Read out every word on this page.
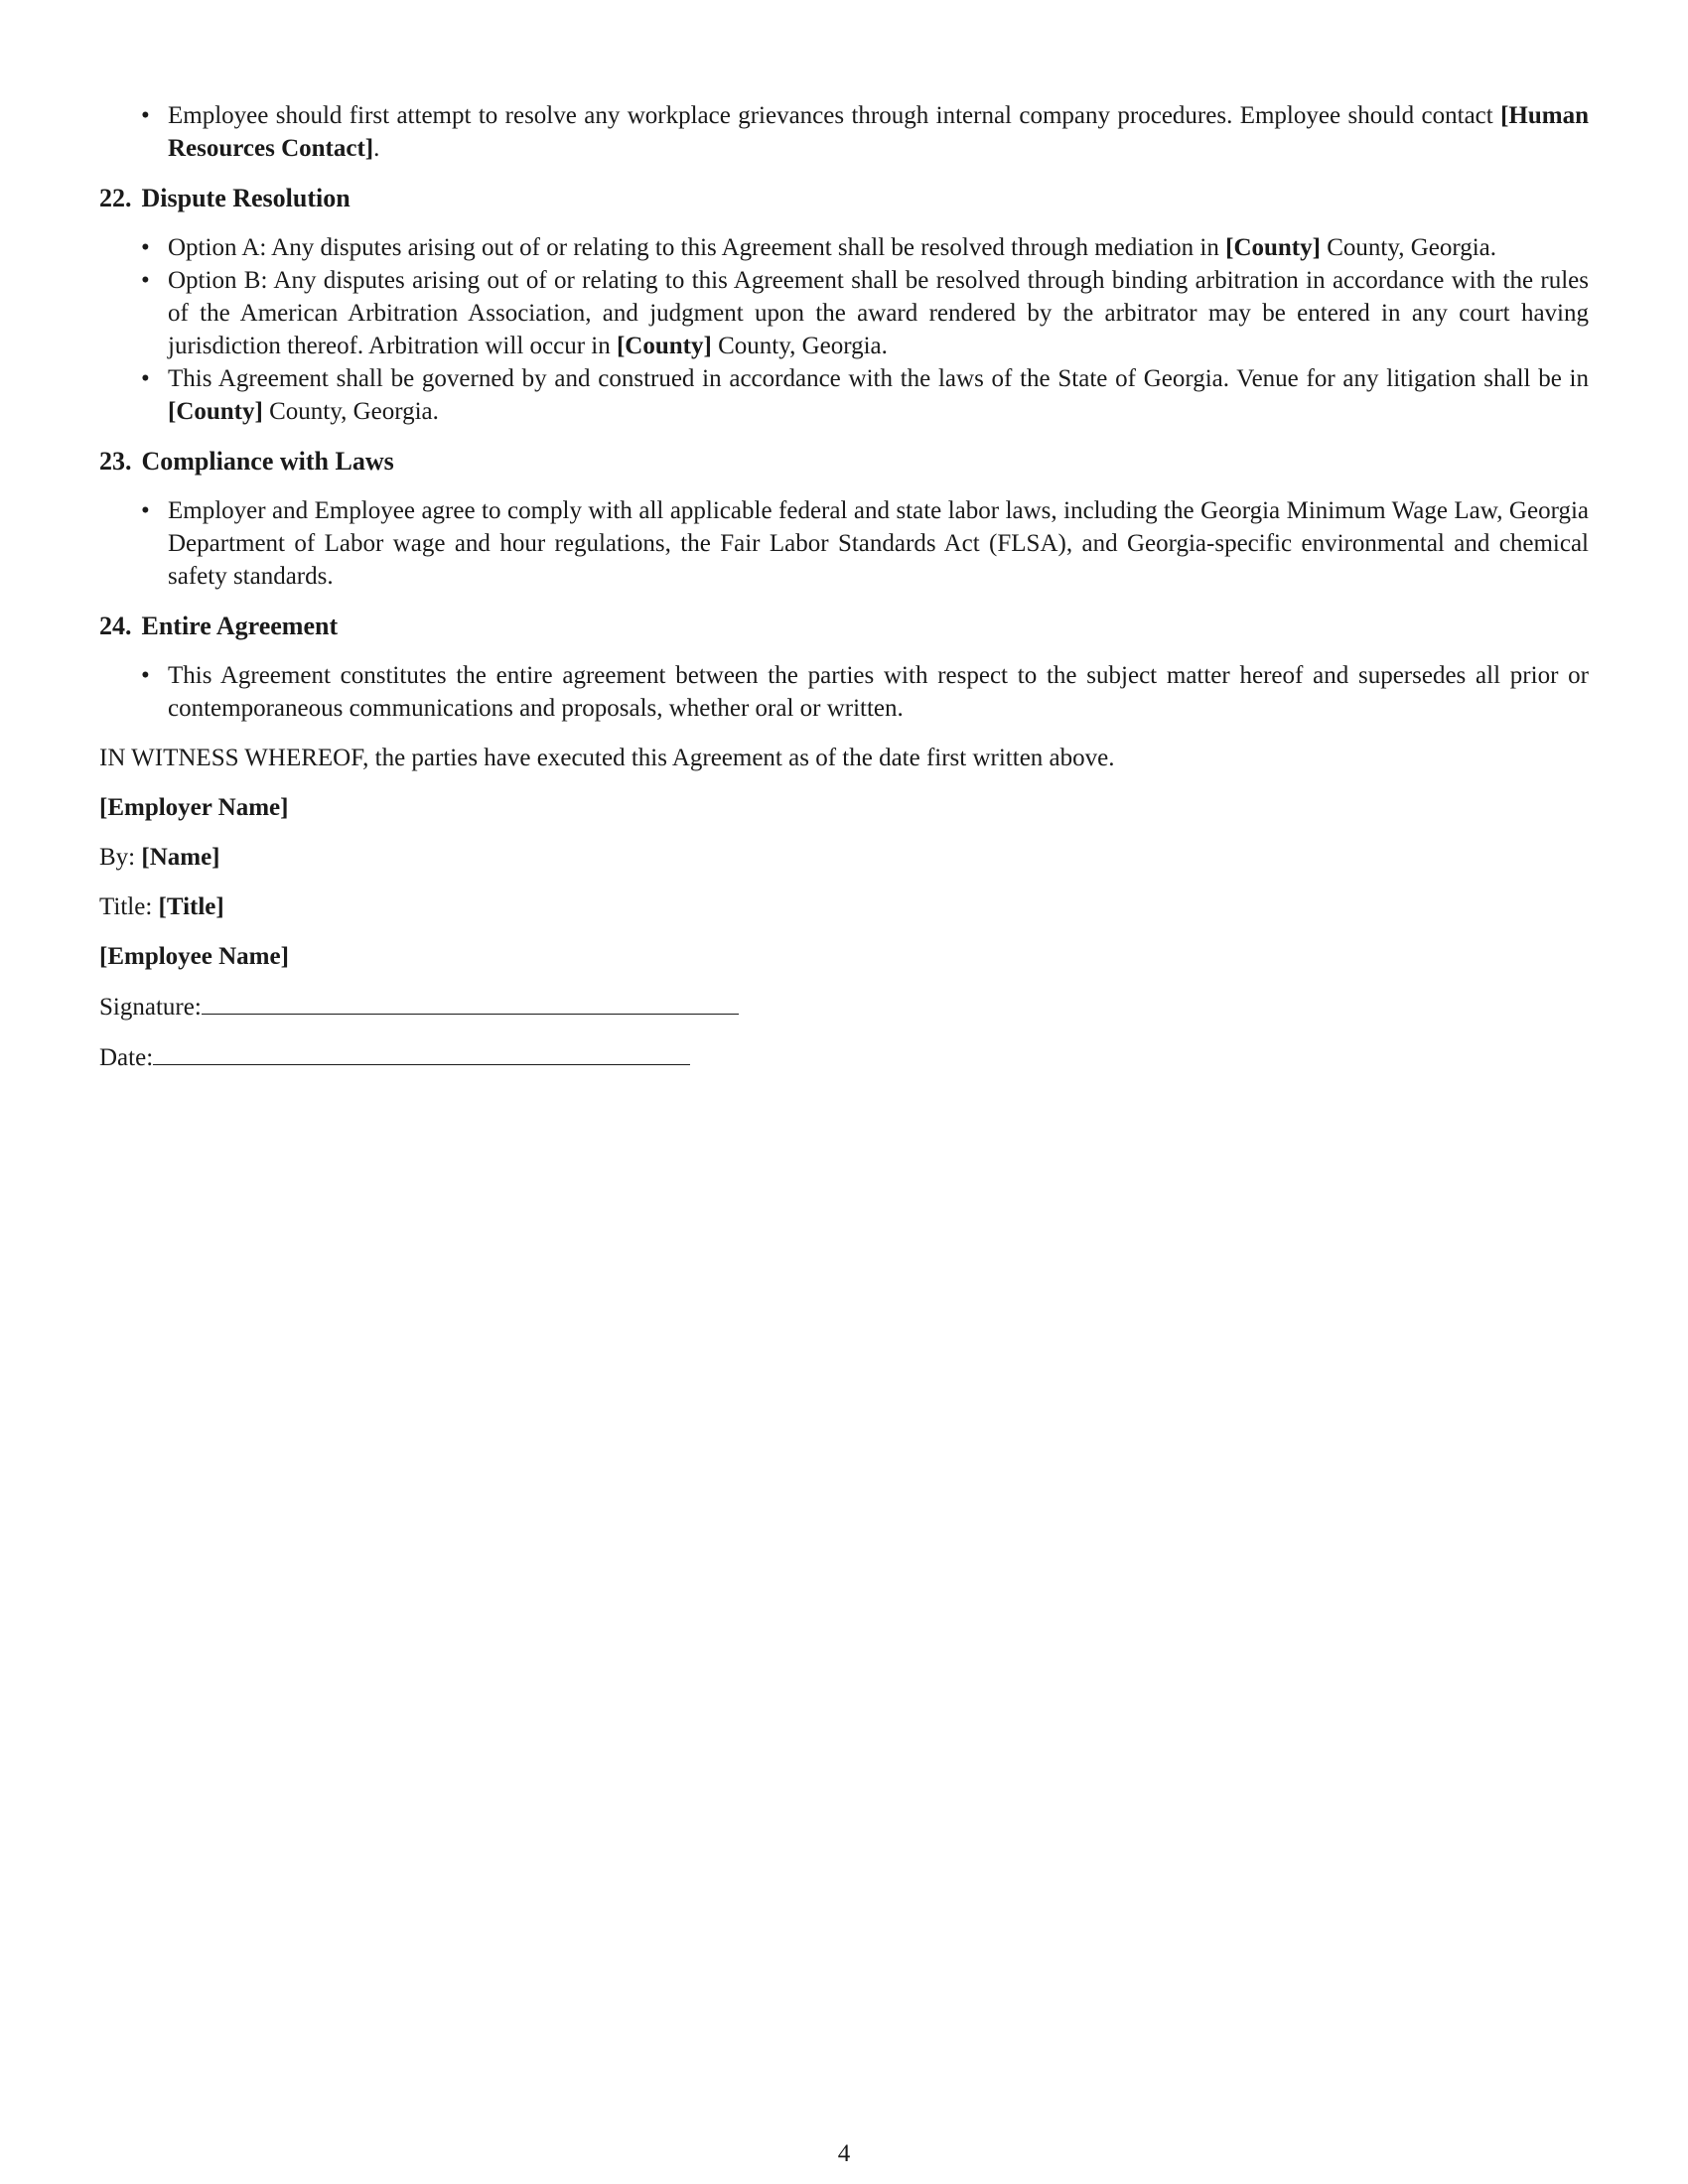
• Employee should first attempt to resolve any workplace grievances through internal company procedures. Employee should contact [Human Resources Contact].
22. Dispute Resolution
• Option A: Any disputes arising out of or relating to this Agreement shall be resolved through mediation in [County] County, Georgia.
• Option B: Any disputes arising out of or relating to this Agreement shall be resolved through binding arbitration in accordance with the rules of the American Arbitration Association, and judgment upon the award rendered by the arbitrator may be entered in any court having jurisdiction thereof. Arbitration will occur in [County] County, Georgia.
• This Agreement shall be governed by and construed in accordance with the laws of the State of Georgia. Venue for any litigation shall be in [County] County, Georgia.
23. Compliance with Laws
• Employer and Employee agree to comply with all applicable federal and state labor laws, including the Georgia Minimum Wage Law, Georgia Department of Labor wage and hour regulations, the Fair Labor Standards Act (FLSA), and Georgia-specific environmental and chemical safety standards.
24. Entire Agreement
• This Agreement constitutes the entire agreement between the parties with respect to the subject matter hereof and supersedes all prior or contemporaneous communications and proposals, whether oral or written.

IN WITNESS WHEREOF, the parties have executed this Agreement as of the date first written above.

[Employer Name]

By: [Name]

Title: [Title]

[Employee Name]

Signature:

Date:

4
